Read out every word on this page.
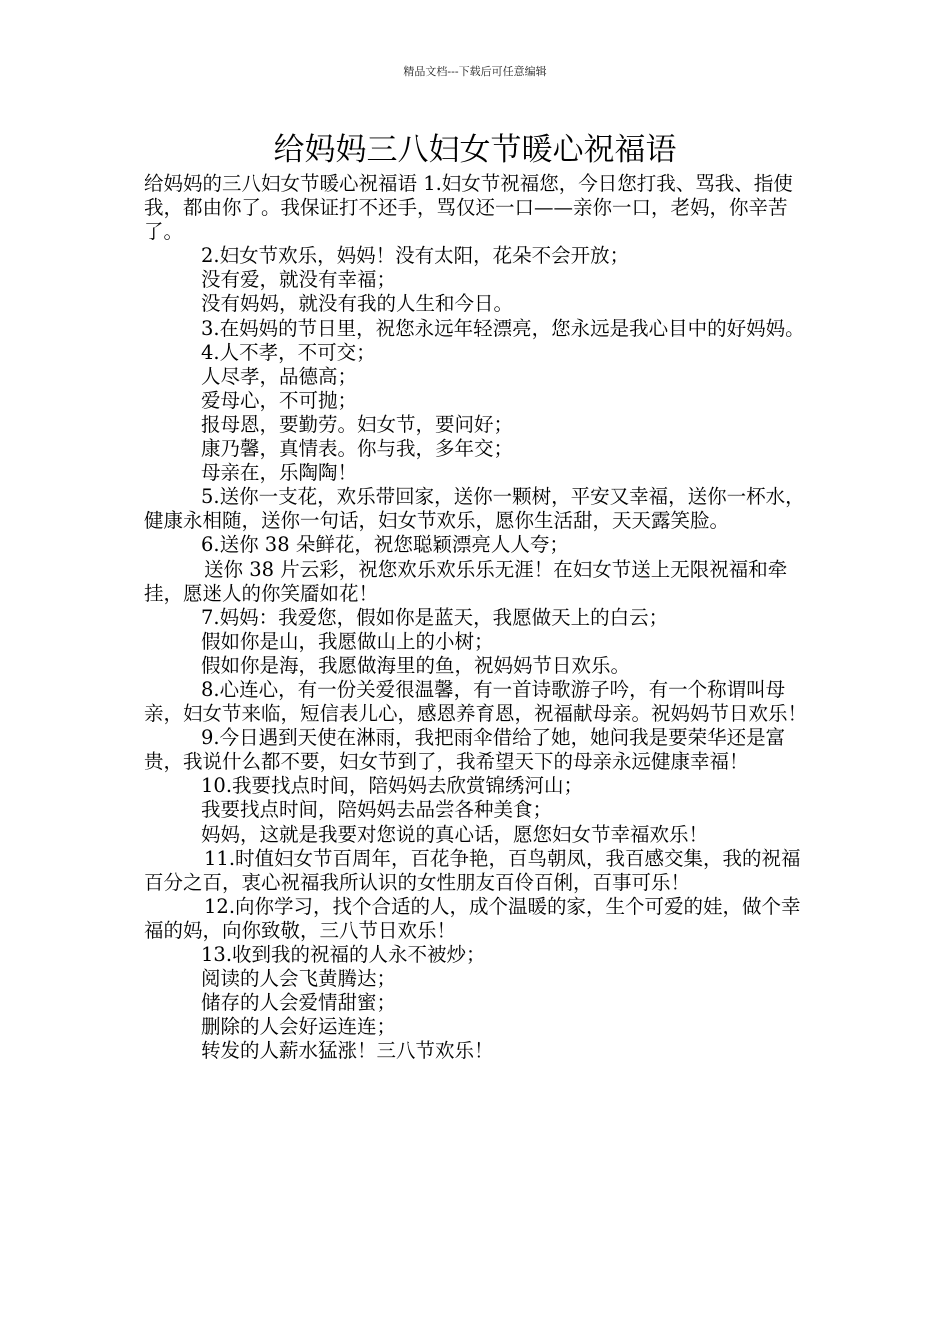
精品文档---下载后可任意编辑
给妈妈三八妇女节暖心祝福语

给妈妈的三八妇女节暖心祝福语 1.妇女节祝福您，今日您打我、骂我、指使我，都由你了。我保证打不还手，骂仅还一口——亲你一口，老妈，你辛苦了。

2.妇女节欢乐，妈妈！没有太阳，花朵不会开放；

没有爱，就没有幸福；

没有妈妈，就没有我的人生和今日。

3.在妈妈的节日里，祝您永远年轻漂亮，您永远是我心目中的好妈妈。

4.人不孝，不可交；

人尽孝，品德高；

爱母心，不可抛；

报母恩，要勤劳。妇女节，要问好；

康乃馨，真情表。你与我，多年交；

母亲在，乐陶陶！

5.送你一支花，欢乐带回家，送你一颗树，平安又幸福，送你一杯水，健康永相随，送你一句话，妇女节欢乐，愿你生活甜，天天露笑脸。

6.送你 38 朵鲜花，祝您聪颖漂亮人人夸；

送你 38 片云彩，祝您欢乐欢乐乐无涯！在妇女节送上无限祝福和牵挂，愿迷人的你笑靥如花！

7.妈妈：我爱您，假如你是蓝天，我愿做天上的白云；

假如你是山，我愿做山上的小树；

假如你是海，我愿做海里的鱼，祝妈妈节日欢乐。

8.心连心，有一份关爱很温馨，有一首诗歌游子吟，有一个称谓叫母亲，妇女节来临，短信表儿心，感恩养育恩，祝福献母亲。祝妈妈节日欢乐！

9.今日遇到天使在淋雨，我把雨伞借给了她，她问我是要荣华还是富贵，我说什么都不要，妇女节到了，我希望天下的母亲永远健康幸福！

10.我要找点时间，陪妈妈去欣赏锦绣河山；

我要找点时间，陪妈妈去品尝各种美食；

妈妈，这就是我要对您说的真心话，愿您妇女节幸福欢乐！

11.时值妇女节百周年，百花争艳，百鸟朝凤，我百感交集，我的祝福百分之百，衷心祝福我所认识的女性朋友百伶百俐，百事可乐！

12.向你学习，找个合适的人，成个温暖的家，生个可爱的娃，做个幸福的妈，向你致敬，三八节日欢乐！

13.收到我的祝福的人永不被炒；

阅读的人会飞黄腾达；

储存的人会爱情甜蜜；

删除的人会好运连连；

转发的人薪水猛涨！三八节欢乐！
